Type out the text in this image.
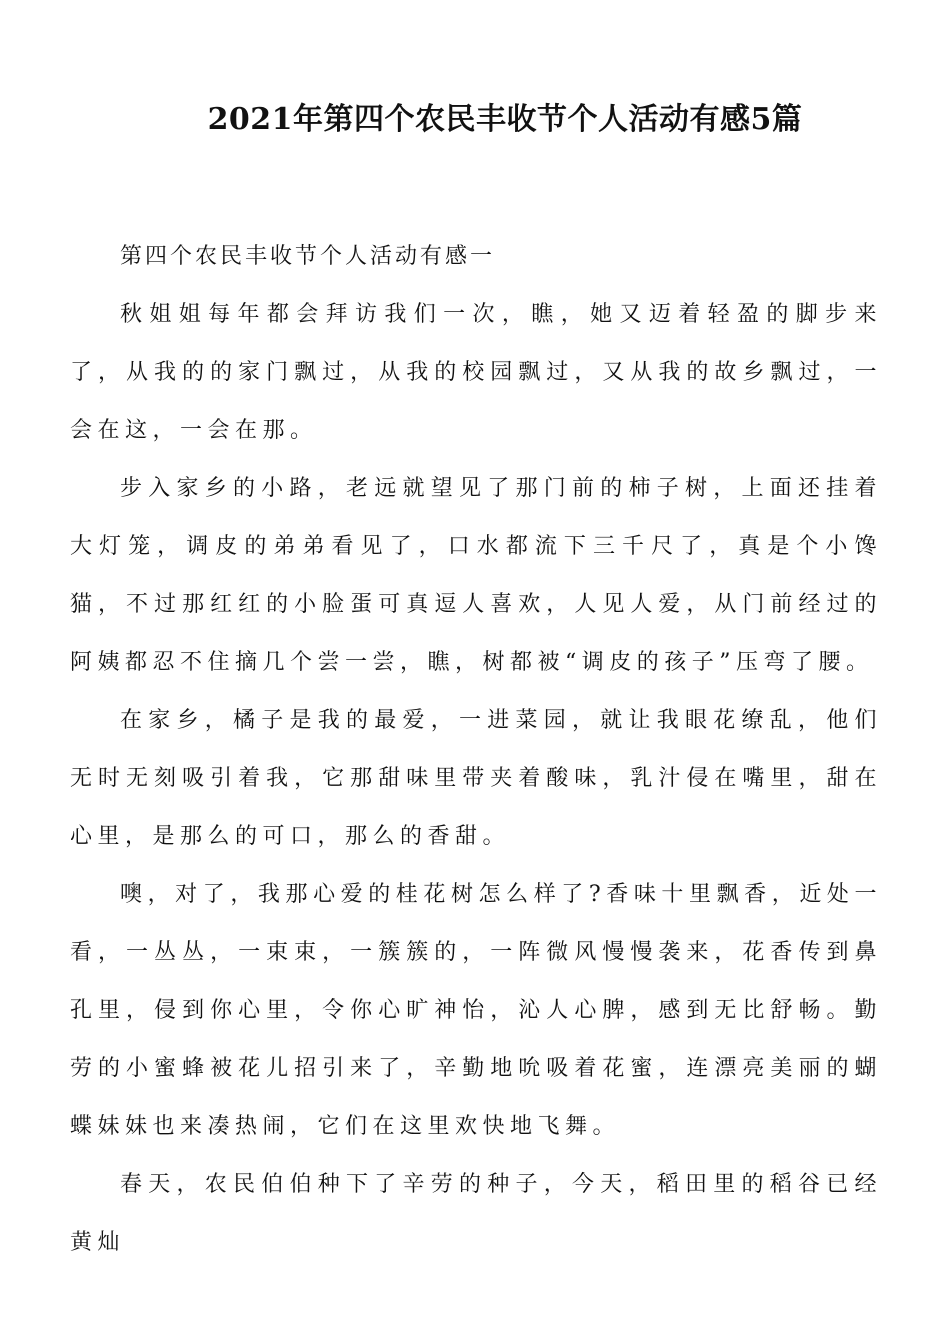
2021年第四个农民丰收节个人活动有感5篇

第四个农民丰收节个人活动有感一

秋姐姐每年都会拜访我们一次，瞧，她又迈着轻盈的脚步来了，从我的的家门飘过，从我的校园飘过，又从我的故乡飘过，一会在这，一会在那。

步入家乡的小路，老远就望见了那门前的柿子树，上面还挂着大灯笼，调皮的弟弟看见了，口水都流下三千尺了，真是个小馋猫，不过那红红的小脸蛋可真逗人喜欢，人见人爱，从门前经过的阿姨都忍不住摘几个尝一尝，瞧，树都被“调皮的孩子”压弯了腰。

在家乡，橘子是我的最爱，一进菜园，就让我眼花缭乱，他们无时无刻吸引着我，它那甜味里带夹着酸味，乳汁侵在嘴里，甜在心里，是那么的可口，那么的香甜。

噢，对了，我那心爱的桂花树怎么样了?香味十里飘香，近处一看，一丛丛，一束束，一簇簇的，一阵微风慢慢袭来，花香传到鼻孔里，侵到你心里，令你心旷神怡，沁人心脾，感到无比舒畅。勤劳的小蜜蜂被花儿招引来了，辛勤地吮吸着花蜜，连漂亮美丽的蝴蝶妹妹也来凑热闹，它们在这里欢快地飞舞。

春天，农民伯伯种下了辛劳的种子，今天，稻田里的稻谷已经黄灿
